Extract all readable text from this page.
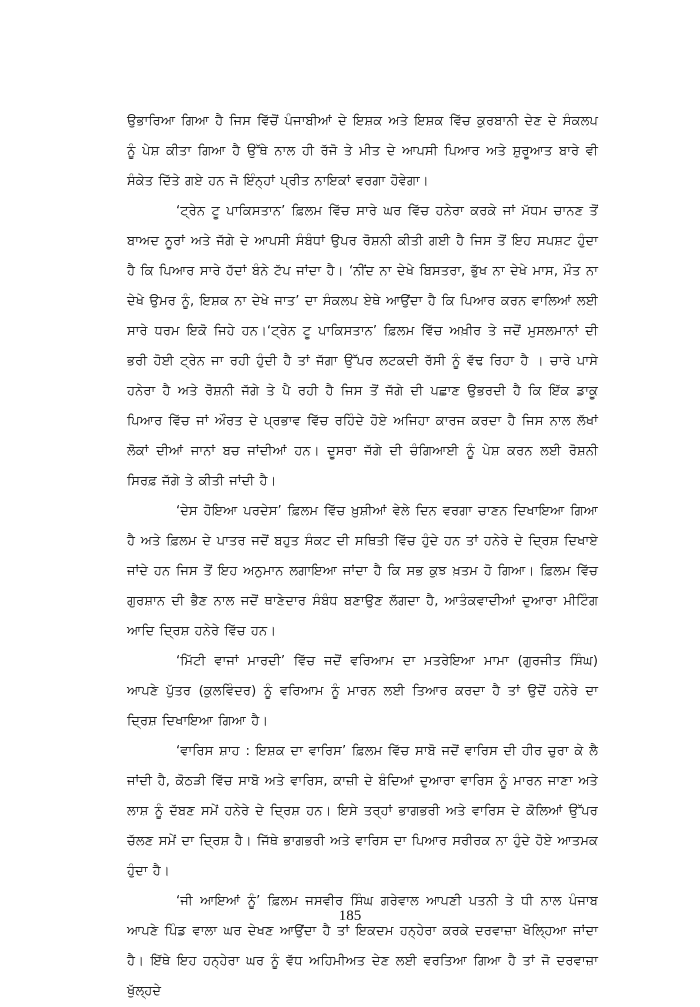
ਉਭਾਰਿਆ ਗਿਆ ਹੈ ਜਿਸ ਵਿੱਚੋਂ ਪੰਜਾਬੀਆਂ ਦੇ ਇਸ਼ਕ ਅਤੇ ਇਸ਼ਕ ਵਿੱਚ ਕੁਰਬਾਨੀ ਦੇਣ ਦੇ ਸੰਕਲਪ ਨੂੰ ਪੇਸ਼ ਕੀਤਾ ਗਿਆ ਹੈ ਉੱਥੇ ਨਾਲ ਹੀ ਰੱਜੋ ਤੇ ਮੀਤ ਦੇ ਆਪਸੀ ਪਿਆਰ ਅਤੇ ਸ਼ੁਰੂਆਤ ਬਾਰੇ ਵੀ ਸੰਕੇਤ ਦਿੱਤੇ ਗਏ ਹਨ ਜੋ ਇੰਨ੍ਹਾਂ ਪ੍ਰੀਤ ਨਾਇਕਾਂ ਵਰਗਾ ਹੋਵੇਗਾ।

‘ਟ੍ਰੇਨ ਟੂ ਪਾਕਿਸਤਾਨ’ ਫ਼ਿਲਮ ਵਿੱਚ ਸਾਰੇ ਘਰ ਵਿੱਚ ਹਨੇਰਾ ਕਰਕੇ ਜਾਂ ਮੱਧਮ ਚਾਨਣ ਤੋਂ ਬਾਅਦ ਨੂਰਾਂ ਅਤੇ ਜੱਗੇ ਦੇ ਆਪਸੀ ਸੰਬੰਧਾਂ ਉਪਰ ਰੋਸ਼ਨੀ ਕੀਤੀ ਗਈ ਹੈ ਜਿਸ ਤੋਂ ਇਹ ਸਪਸ਼ਟ ਹੁੰਦਾ ਹੈ ਕਿ ਪਿਆਰ ਸਾਰੇ ਹੱਦਾਂ ਬੰਨੇ ਟੱਪ ਜਾਂਦਾ ਹੈ। ‘ਨੀਂਦ ਨਾ ਦੇਖੇ ਬਿਸਤਰਾ, ਭੁੱਖ ਨਾ ਦੇਖੇ ਮਾਸ, ਮੌਤ ਨਾ ਦੇਖੇ ਉਮਰ ਨੂੰ, ਇਸ਼ਕ ਨਾ ਦੇਖੇ ਜਾਤ’ ਦਾ ਸੰਕਲਪ ਏਥੇ ਆਉਂਦਾ ਹੈ ਕਿ ਪਿਆਰ ਕਰਨ ਵਾਲਿਆਂ ਲਈ ਸਾਰੇ ਧਰਮ ਇਕੋ ਜਿਹੇ ਹਨ।‘ਟ੍ਰੇਨ ਟੂ ਪਾਕਿਸਤਾਨ’ ਫ਼ਿਲਮ ਵਿੱਚ ਅਖ਼ੀਰ ਤੇ ਜਦੋਂ ਮੁਸਲਮਾਨਾਂ ਦੀ ਭਰੀ ਹੋਈ ਟ੍ਰੇਨ ਜਾ ਰਹੀ ਹੁੰਦੀ ਹੈ ਤਾਂ ਜੱਗਾ ਉੱਪਰ ਲਟਕਦੀ ਰੱਸੀ ਨੂੰ ਵੱਢ ਰਿਹਾ ਹੈ । ਚਾਰੇ ਪਾਸੇ ਹਨੇਰਾ ਹੈ ਅਤੇ ਰੋਸ਼ਨੀ ਜੱਗੇ ਤੇ ਪੈ ਰਹੀ ਹੈ ਜਿਸ ਤੋਂ ਜੱਗੇ ਦੀ ਪਛਾਣ ਉਭਰਦੀ ਹੈ ਕਿ ਇੱਕ ਡਾਕੂ ਪਿਆਰ ਵਿੱਚ ਜਾਂ ਔਰਤ ਦੇ ਪ੍ਰਭਾਵ ਵਿੱਚ ਰਹਿੰਦੇ ਹੋਏ ਅਜਿਹਾ ਕਾਰਜ ਕਰਦਾ ਹੈ ਜਿਸ ਨਾਲ ਲੱਖਾਂ ਲੋਕਾਂ ਦੀਆਂ ਜਾਨਾਂ ਬਚ ਜਾਂਦੀਆਂ ਹਨ। ਦੂਸਰਾ ਜੱਗੇ ਦੀ ਚੰਗਿਆਈ ਨੂੰ ਪੇਸ਼ ਕਰਨ ਲਈ ਰੋਸ਼ਨੀ ਸਿਰਫ਼ ਜੱਗੇ ਤੇ ਕੀਤੀ ਜਾਂਦੀ ਹੈ।

‘ਦੇਸ ਹੋਇਆ ਪਰਦੇਸ’ ਫ਼ਿਲਮ ਵਿੱਚ ਖ਼ੁਸ਼ੀਆਂ ਵੇਲੇ ਦਿਨ ਵਰਗਾ ਚਾਣਨ ਦਿਖਾਇਆ ਗਿਆ ਹੈ ਅਤੇ ਫ਼ਿਲਮ ਦੇ ਪਾਤਰ ਜਦੋਂ ਬਹੁਤ ਸੰਕਟ ਦੀ ਸਥਿਤੀ ਵਿੱਚ ਹੁੰਦੇ ਹਨ ਤਾਂ ਹਨੇਰੇ ਦੇ ਦ੍ਰਿਸ਼ ਦਿਖਾਏ ਜਾਂਦੇ ਹਨ ਜਿਸ ਤੋਂ ਇਹ ਅਨੁਮਾਨ ਲਗਾਇਆ ਜਾਂਦਾ ਹੈ ਕਿ ਸਭ ਕੁਝ ਖ਼ਤਮ ਹੋ ਗਿਆ। ਫ਼ਿਲਮ ਵਿੱਚ ਗੁਰਸ਼ਾਨ ਦੀ ਭੈਣ ਨਾਲ ਜਦੋਂ ਥਾਣੇਦਾਰ ਸੰਬੰਧ ਬਣਾਉਣ ਲੱਗਦਾ ਹੈ, ਆਤੰਕਵਾਦੀਆਂ ਦੁਆਰਾ ਮੀਟਿੰਗ ਆਦਿ ਦ੍ਰਿਸ਼ ਹਨੇਰੇ ਵਿੱਚ ਹਨ।

‘ਮਿੱਟੀ ਵਾਜਾਂ ਮਾਰਦੀ’ ਵਿੱਚ ਜਦੋਂ ਵਰਿਆਮ ਦਾ ਮਤਰੇਇਆ ਮਾਮਾ (ਗੁਰਜੀਤ ਸਿੰਘ) ਆਪਣੇ ਪੁੱਤਰ (ਕੁਲਵਿੰਦਰ) ਨੂੰ ਵਰਿਆਮ ਨੂੰ ਮਾਰਨ ਲਈ ਤਿਆਰ ਕਰਦਾ ਹੈ ਤਾਂ ਉਦੋਂ ਹਨੇਰੇ ਦਾ ਦ੍ਰਿਸ਼ ਦਿਖਾਇਆ ਗਿਆ ਹੈ।

‘ਵਾਰਿਸ ਸ਼ਾਹ : ਇਸ਼ਕ ਦਾ ਵਾਰਿਸ’ ਫ਼ਿਲਮ ਵਿੱਚ ਸਾਬੋ ਜਦੋਂ ਵਾਰਿਸ ਦੀ ਹੀਰ ਚੁਰਾ ਕੇ ਲੈ ਜਾਂਦੀ ਹੈ, ਕੋਠੜੀ ਵਿੱਚ ਸਾਬੋ ਅਤੇ ਵਾਰਿਸ, ਕਾਜ਼ੀ ਦੇ ਬੰਦਿਆਂ ਦੁਆਰਾ ਵਾਰਿਸ ਨੂੰ ਮਾਰਨ ਜਾਣਾ ਅਤੇ ਲਾਸ਼ ਨੂੰ ਦੱਬਣ ਸਮੇਂ ਹਨੇਰੇ ਦੇ ਦ੍ਰਿਸ਼ ਹਨ। ਇਸੇ ਤਰ੍ਹਾਂ ਭਾਗਭਰੀ ਅਤੇ ਵਾਰਿਸ ਦੇ ਕੋਲਿਆਂ ਉੱਪਰ ਚੱਲਣ ਸਮੇਂ ਦਾ ਦ੍ਰਿਸ਼ ਹੈ। ਜਿੱਥੇ ਭਾਗਭਰੀ ਅਤੇ ਵਾਰਿਸ ਦਾ ਪਿਆਰ ਸਰੀਰਕ ਨਾ ਹੁੰਦੇ ਹੋਏ ਆਤਮਕ ਹੁੰਦਾ ਹੈ।

‘ਜੀ ਆਇਆਂ ਨੂੰ’ ਫ਼ਿਲਮ ਜਸਵੀਰ ਸਿੰਘ ਗਰੇਵਾਲ ਆਪਣੀ ਪਤਨੀ ਤੇ ਧੀ ਨਾਲ ਪੰਜਾਬ ਆਪਣੇ ਪਿੰਡ ਵਾਲਾ ਘਰ ਦੇਖਣ ਆਉਂਦਾ ਹੈ ਤਾਂ ਇਕਦਮ ਹਨ੍ਹੇਰਾ ਕਰਕੇ ਦਰਵਾਜ਼ਾ ਖੋਲ੍ਹਿਆ ਜਾਂਦਾ ਹੈ। ਇੱਥੇ ਇਹ ਹਨ੍ਹੇਰਾ ਘਰ ਨੂੰ ਵੱਧ ਅਹਿਮੀਅਤ ਦੇਣ ਲਈ ਵਰਤਿਆ ਗਿਆ ਹੈ ਤਾਂ ਜੋ ਦਰਵਾਜ਼ਾ ਖੁੱਲ੍ਹਦੇ

185
